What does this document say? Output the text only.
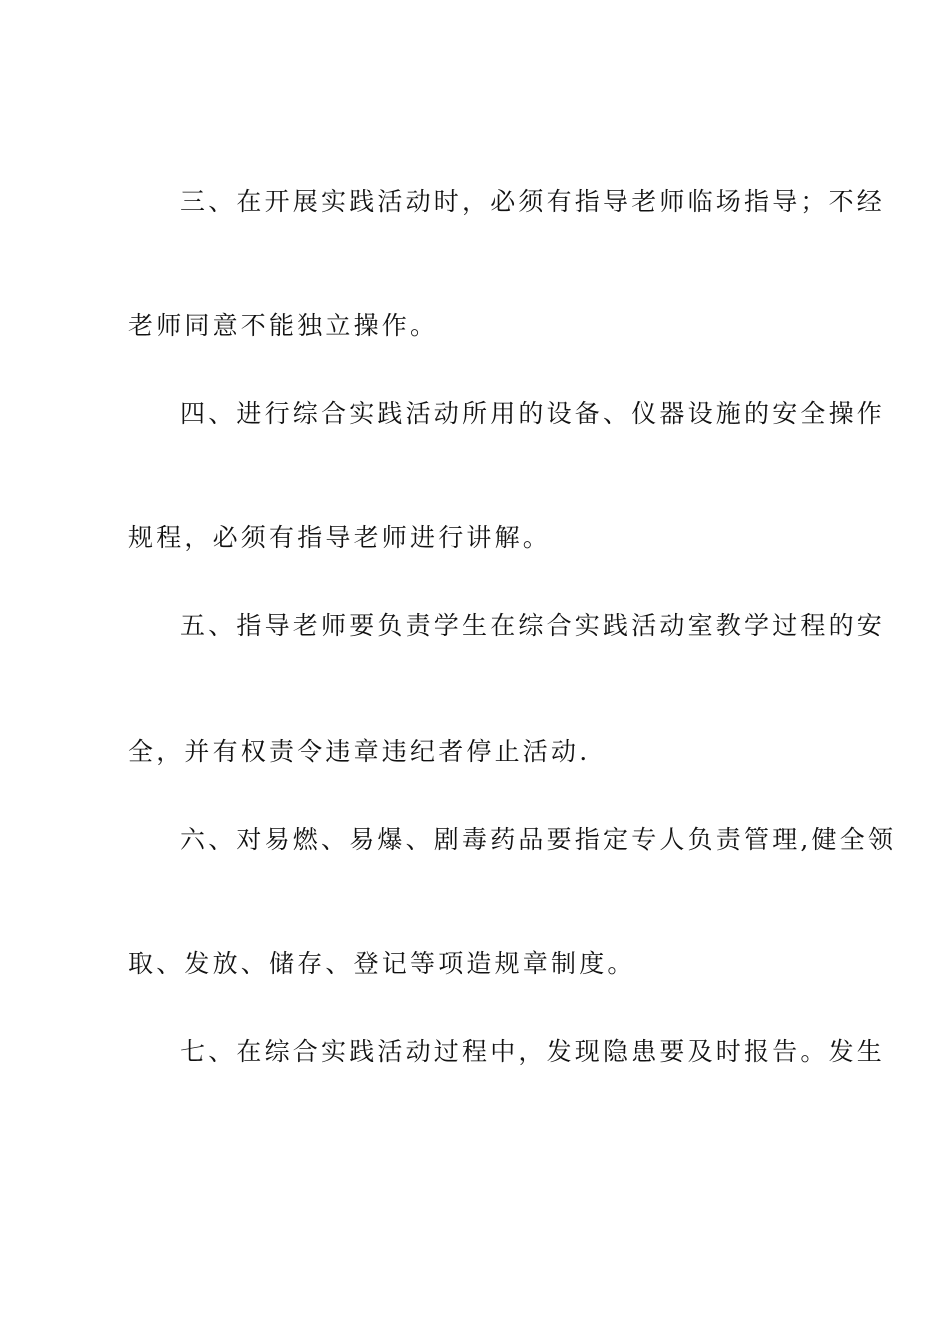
三、在开展实践活动时，必须有指导老师临场指导；不经
老师同意不能独立操作。
四、进行综合实践活动所用的设备、仪器设施的安全操作
规程，必须有指导老师进行讲解。
五、指导老师要负责学生在综合实践活动室教学过程的安
全，并有权责令违章违纪者停止活动.
六、对易燃、易爆、剧毒药品要指定专人负责管理,健全领
取、发放、储存、登记等项造规章制度。
七、在综合实践活动过程中，发现隐患要及时报告。发生
